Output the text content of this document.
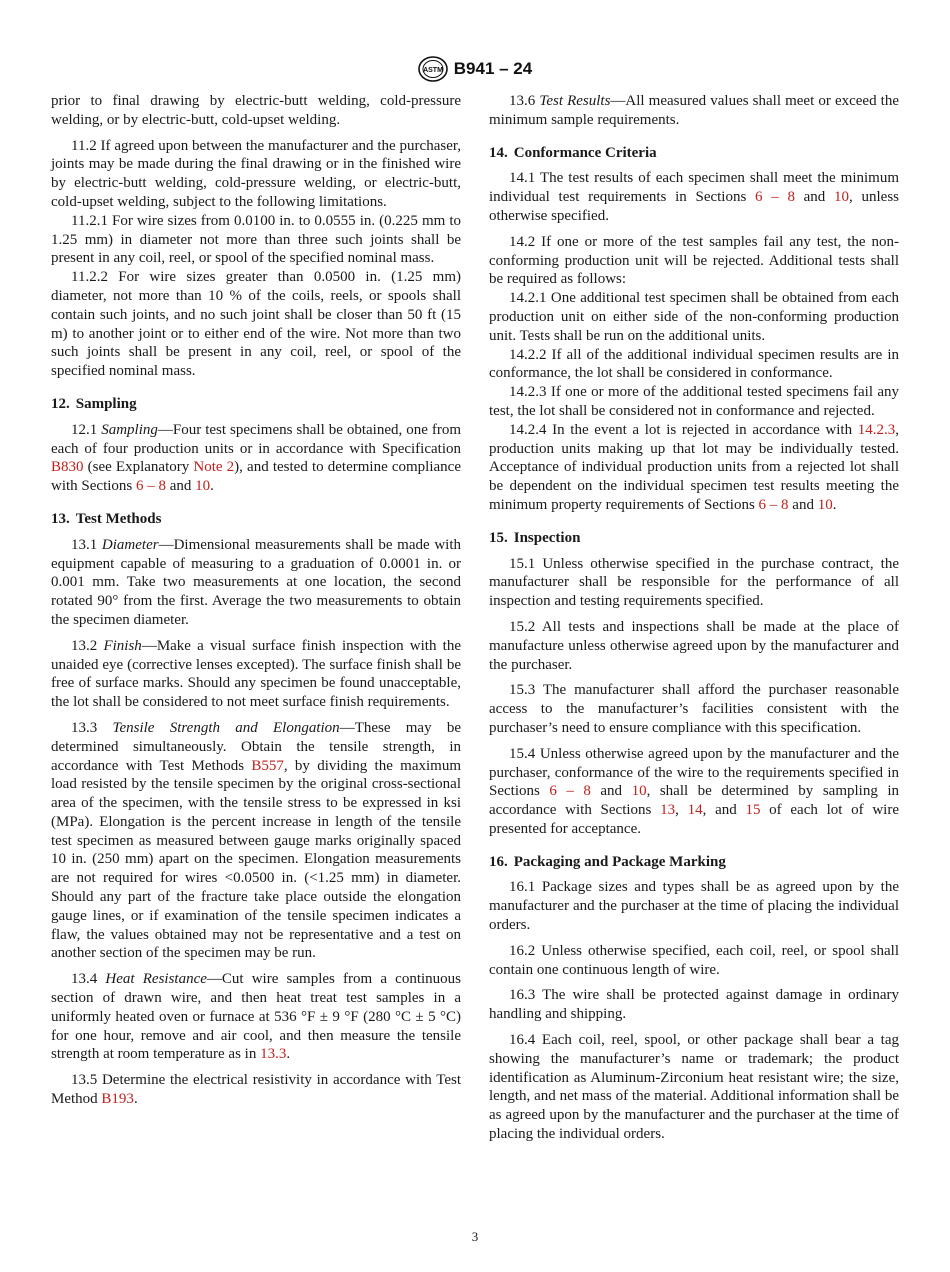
ASTM B941 – 24

prior to final drawing by electric-butt welding, cold-pressure welding, or by electric-butt, cold-upset welding.

11.2 If agreed upon between the manufacturer and the purchaser, joints may be made during the final drawing or in the finished wire by electric-butt welding, cold-pressure welding, or electric-butt, cold-upset welding, subject to the following limitations.

11.2.1 For wire sizes from 0.0100 in. to 0.0555 in. (0.225 mm to 1.25 mm) in diameter not more than three such joints shall be present in any coil, reel, or spool of the specified nominal mass.

11.2.2 For wire sizes greater than 0.0500 in. (1.25 mm) diameter, not more than 10 % of the coils, reels, or spools shall contain such joints, and no such joint shall be closer than 50 ft (15 m) to another joint or to either end of the wire. Not more than two such joints shall be present in any coil, reel, or spool of the specified nominal mass.

12. Sampling

12.1 Sampling—Four test specimens shall be obtained, one from each of four production units or in accordance with Specification B830 (see Explanatory Note 2), and tested to determine compliance with Sections 6 – 8 and 10.

13. Test Methods

13.1 Diameter—Dimensional measurements shall be made with equipment capable of measuring to a graduation of 0.0001 in. or 0.001 mm. Take two measurements at one location, the second rotated 90° from the first. Average the two measurements to obtain the specimen diameter.

13.2 Finish—Make a visual surface finish inspection with the unaided eye (corrective lenses excepted). The surface finish shall be free of surface marks. Should any specimen be found unacceptable, the lot shall be considered to not meet surface finish requirements.

13.3 Tensile Strength and Elongation—These may be determined simultaneously. Obtain the tensile strength, in accordance with Test Methods B557, by dividing the maximum load resisted by the tensile specimen by the original cross-sectional area of the specimen, with the tensile stress to be expressed in ksi (MPa). Elongation is the percent increase in length of the tensile test specimen as measured between gauge marks originally spaced 10 in. (250 mm) apart on the specimen. Elongation measurements are not required for wires <0.0500 in. (<1.25 mm) in diameter. Should any part of the fracture take place outside the elongation gauge lines, or if examination of the tensile specimen indicates a flaw, the values obtained may not be representative and a test on another section of the specimen may be run.

13.4 Heat Resistance—Cut wire samples from a continuous section of drawn wire, and then heat treat test samples in a uniformly heated oven or furnace at 536 °F ± 9 °F (280 °C ± 5 °C) for one hour, remove and air cool, and then measure the tensile strength at room temperature as in 13.3.

13.5 Determine the electrical resistivity in accordance with Test Method B193.

13.6 Test Results—All measured values shall meet or exceed the minimum sample requirements.

14. Conformance Criteria

14.1 The test results of each specimen shall meet the minimum individual test requirements in Sections 6 – 8 and 10, unless otherwise specified.

14.2 If one or more of the test samples fail any test, the non-conforming production unit will be rejected. Additional tests shall be required as follows:

14.2.1 One additional test specimen shall be obtained from each production unit on either side of the non-conforming production unit. Tests shall be run on the additional units.

14.2.2 If all of the additional individual specimen results are in conformance, the lot shall be considered in conformance.

14.2.3 If one or more of the additional tested specimens fail any test, the lot shall be considered not in conformance and rejected.

14.2.4 In the event a lot is rejected in accordance with 14.2.3, production units making up that lot may be individually tested. Acceptance of individual production units from a rejected lot shall be dependent on the individual specimen test results meeting the minimum property requirements of Sections 6 – 8 and 10.

15. Inspection

15.1 Unless otherwise specified in the purchase contract, the manufacturer shall be responsible for the performance of all inspection and testing requirements specified.

15.2 All tests and inspections shall be made at the place of manufacture unless otherwise agreed upon by the manufacturer and the purchaser.

15.3 The manufacturer shall afford the purchaser reasonable access to the manufacturer’s facilities consistent with the purchaser’s need to ensure compliance with this specification.

15.4 Unless otherwise agreed upon by the manufacturer and the purchaser, conformance of the wire to the requirements specified in Sections 6 – 8 and 10, shall be determined by sampling in accordance with Sections 13, 14, and 15 of each lot of wire presented for acceptance.

16. Packaging and Package Marking

16.1 Package sizes and types shall be as agreed upon by the manufacturer and the purchaser at the time of placing the individual orders.

16.2 Unless otherwise specified, each coil, reel, or spool shall contain one continuous length of wire.

16.3 The wire shall be protected against damage in ordinary handling and shipping.

16.4 Each coil, reel, spool, or other package shall bear a tag showing the manufacturer’s name or trademark; the product identification as Aluminum-Zirconium heat resistant wire; the size, length, and net mass of the material. Additional information shall be as agreed upon by the manufacturer and the purchaser at the time of placing the individual orders.

3
